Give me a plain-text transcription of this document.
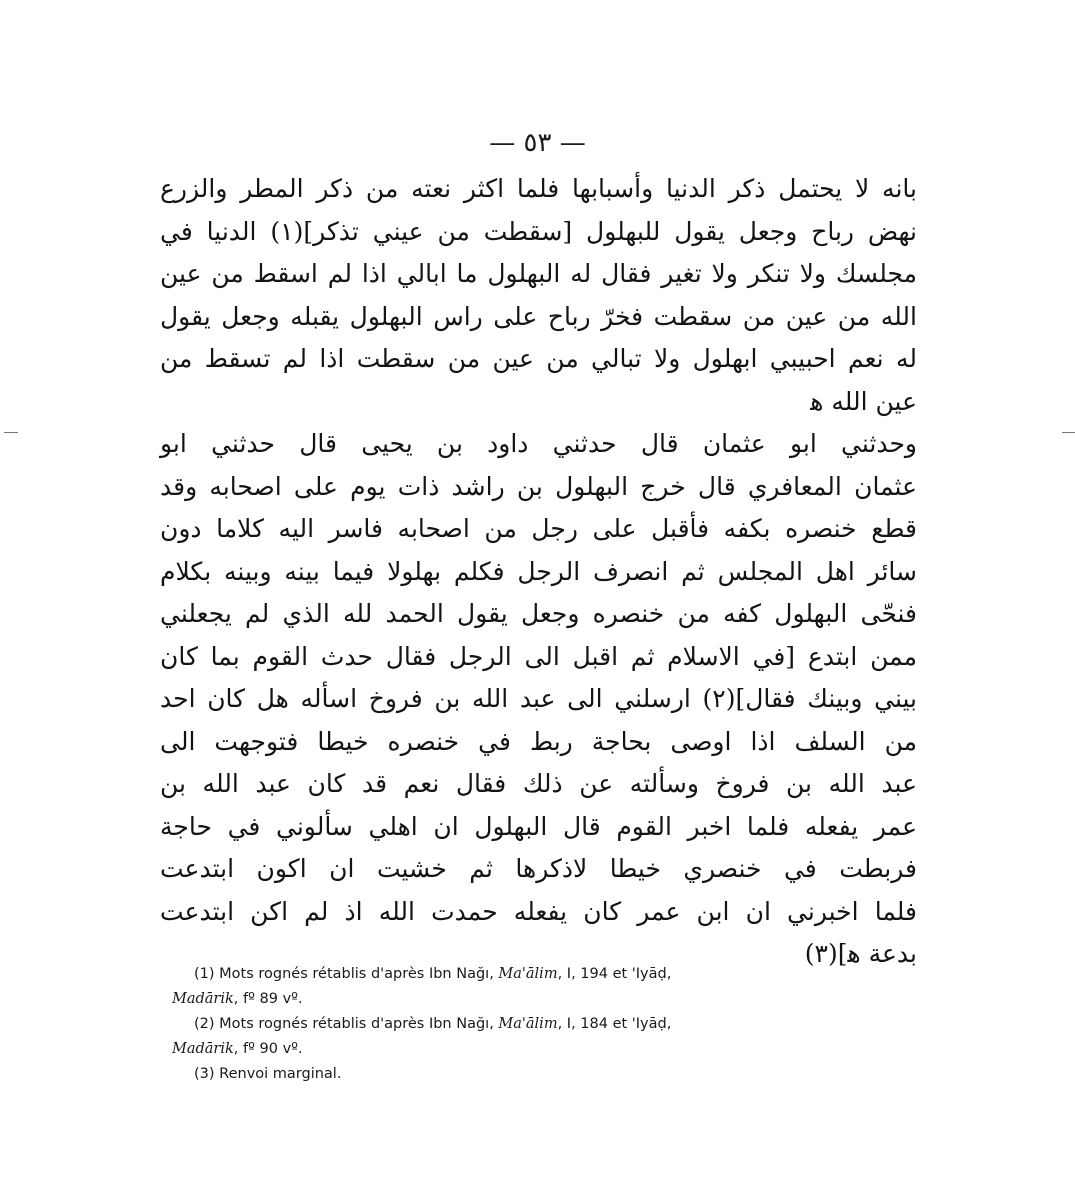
— ٥٣ —
بانه لا يحتمل ذكر الدنيا وأسبابها فلما اكثر نعته من ذكر المطر والزرع
نهض رباح وجعل يقول للبهلول [سقطت من عيني تذكر](١) الدنيا في
مجلسك ولا تنكر ولا تغير فقال له البهلول ما ابالي اذا لم اسقط من عين
الله من عين من سقطت فخرّ رباح على راس البهلول يقبله وجعل يقول
له نعم احبيبي ابهلول ولا تبالي من عين من سقطت اذا لم تسقط من
عين الله ﻫ
وحدثني ابو عثمان قال حدثني داود بن يحيى قال حدثني ابو
عثمان المعافري قال خرج البهلول بن راشد ذات يوم على اصحابه وقد
قطع خنصره بكفه فأقبل على رجل من اصحابه فاسر اليه كلاما دون
سائر اهل المجلس ثم انصرف الرجل فكلم بهلولا فيما بينه وبينه بكلام
فنحّى البهلول كفه من خنصره وجعل يقول الحمد لله الذي لم يجعلني
ممن ابتدع [في الاسلام ثم اقبل الى الرجل فقال حدث القوم بما كان
بيني وبينك فقال](٢) ارسلني الى عبد الله بن فروخ اسأله هل كان احد
من السلف اذا اوصى بحاجة ربط في خنصره خيطا فتوجهت الى
عبد الله بن فروخ وسألته عن ذلك فقال نعم قد كان عبد الله بن
عمر يفعله فلما اخبر القوم قال البهلول ان اهلي سألوني في حاجة
فربطت في خنصري خيطا لاذكرها ثم خشيت ان اكون ابتدعت
فلما اخبرني ان ابن عمر كان يفعله حمدت الله اذ لم اكن ابتدعت
بدعة ﻫ](٣)
(1) Mots rognés rétablis d'après Ibn Nağı, Ma'ālim, I, 194 et 'Iyāḍ,
Madārik, fº 89 vº.
(2) Mots rognés rétablis d'après Ibn Nağı, Ma'ālim, I, 184 et 'Iyāḍ,
Madārik, fº 90 vº.
(3) Renvoi marginal.
